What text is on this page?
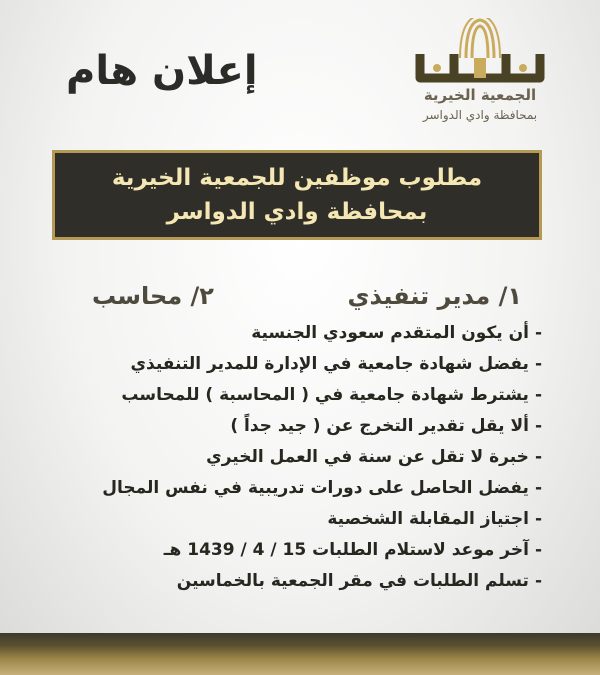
الجمعية الخيرية
بمحافظة وادي الدواسر
إعلان هام
مطلوب موظفين للجمعية الخيرية
بمحافظة وادي الدواسر
١/ مدير تنفيذي
٢/ محاسب
-أن يكون المتقدم سعودي الجنسية
-يفضل شهادة جامعية في الإدارة للمدير التنفيذي
-يشترط شهادة جامعية في ( المحاسبة ) للمحاسب
-ألا يقل تقدير التخرج عن ( جيد جداً )
-خبرة لا تقل عن سنة في العمل الخيري
-يفضل الحاصل على دورات تدريبية في نفس المجال
-اجتياز المقابلة الشخصية
-آخر موعد لاستلام الطلبات 15 / 4 / 1439 هـ
-تسلم الطلبات في مقر الجمعية بالخماسين
